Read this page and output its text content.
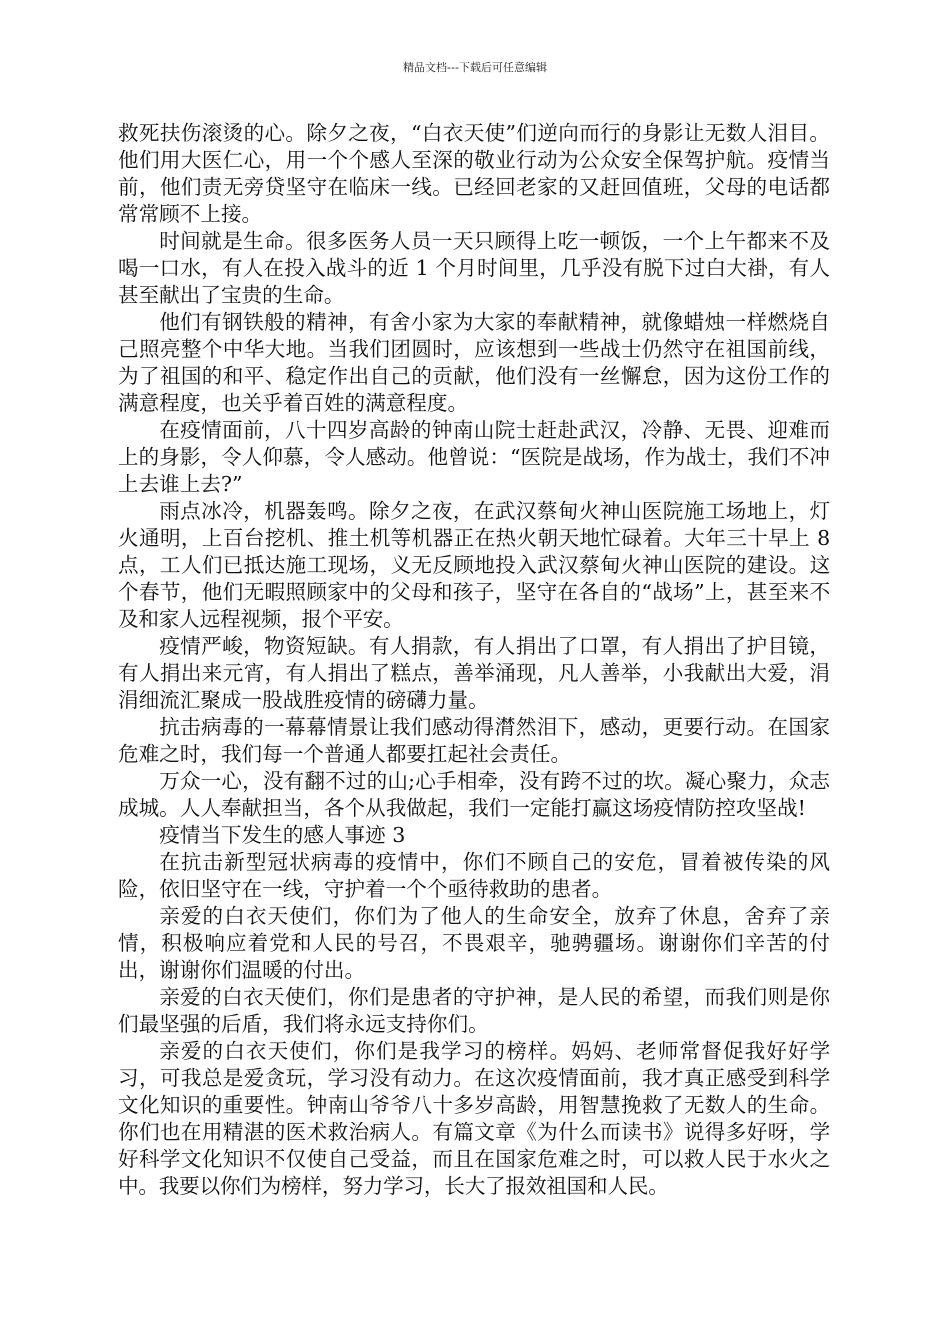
精品文档---下载后可任意编辑

救死扶伤滚烫的心。除夕之夜，“白衣天使”们逆向而行的身影让无数人泪目。他们用大医仁心，用一个个感人至深的敬业行动为公众安全保驾护航。疫情当前，他们责无旁贷坚守在临床一线。已经回老家的又赶回值班，父母的电话都常常顾不上接。

时间就是生命。很多医务人员一天只顾得上吃一顿饭，一个上午都来不及喝一口水，有人在投入战斗的近 1 个月时间里，几乎没有脱下过白大褂，有人甚至献出了宝贵的生命。

他们有钢铁般的精神，有舍小家为大家的奉献精神，就像蜡烛一样燃烧自己照亮整个中华大地。当我们团圆时，应该想到一些战士仍然守在祖国前线，为了祖国的和平、稳定作出自己的贡献，他们没有一丝懈怠，因为这份工作的满意程度，也关乎着百姓的满意程度。

在疫情面前，八十四岁高龄的钟南山院士赶赴武汉，冷静、无畏、迎难而上的身影，令人仰慕，令人感动。他曾说：“医院是战场，作为战士，我们不冲上去谁上去?”

雨点冰冷，机器轰鸣。除夕之夜，在武汉蔡甸火神山医院施工场地上，灯火通明，上百台挖机、推土机等机器正在热火朝天地忙碌着。大年三十早上 8 点，工人们已抵达施工现场，义无反顾地投入武汉蔡甸火神山医院的建设。这个春节，他们无暇照顾家中的父母和孩子，坚守在各自的“战场”上，甚至来不及和家人远程视频，报个平安。

疫情严峻，物资短缺。有人捐款，有人捐出了口罩，有人捐出了护目镜，有人捐出来元宵，有人捐出了糕点，善举涌现，凡人善举，小我献出大爱，涓涓细流汇聚成一股战胜疫情的磅礴力量。

抗击病毒的一幕幕情景让我们感动得潸然泪下，感动，更要行动。在国家危难之时，我们每一个普通人都要扛起社会责任。

万众一心，没有翻不过的山;心手相牵，没有跨不过的坎。凝心聚力，众志成城。人人奉献担当，各个从我做起，我们一定能打赢这场疫情防控攻坚战!

疫情当下发生的感人事迹 3

在抗击新型冠状病毒的疫情中，你们不顾自己的安危，冒着被传染的风险，依旧坚守在一线，守护着一个个亟待救助的患者。

亲爱的白衣天使们，你们为了他人的生命安全，放弃了休息，舍弃了亲情，积极响应着党和人民的号召，不畏艰辛，驰骋疆场。谢谢你们辛苦的付出，谢谢你们温暖的付出。

亲爱的白衣天使们，你们是患者的守护神，是人民的希望，而我们则是你们最坚强的后盾，我们将永远支持你们。

亲爱的白衣天使们，你们是我学习的榜样。妈妈、老师常督促我好好学习，可我总是爱贪玩，学习没有动力。在这次疫情面前，我才真正感受到科学文化知识的重要性。钟南山爷爷八十多岁高龄，用智慧挽救了无数人的生命。你们也在用精湛的医术救治病人。有篇文章《为什么而读书》说得多好呀，学好科学文化知识不仅使自己受益，而且在国家危难之时，可以救人民于水火之中。我要以你们为榜样，努力学习，长大了报效祖国和人民。
